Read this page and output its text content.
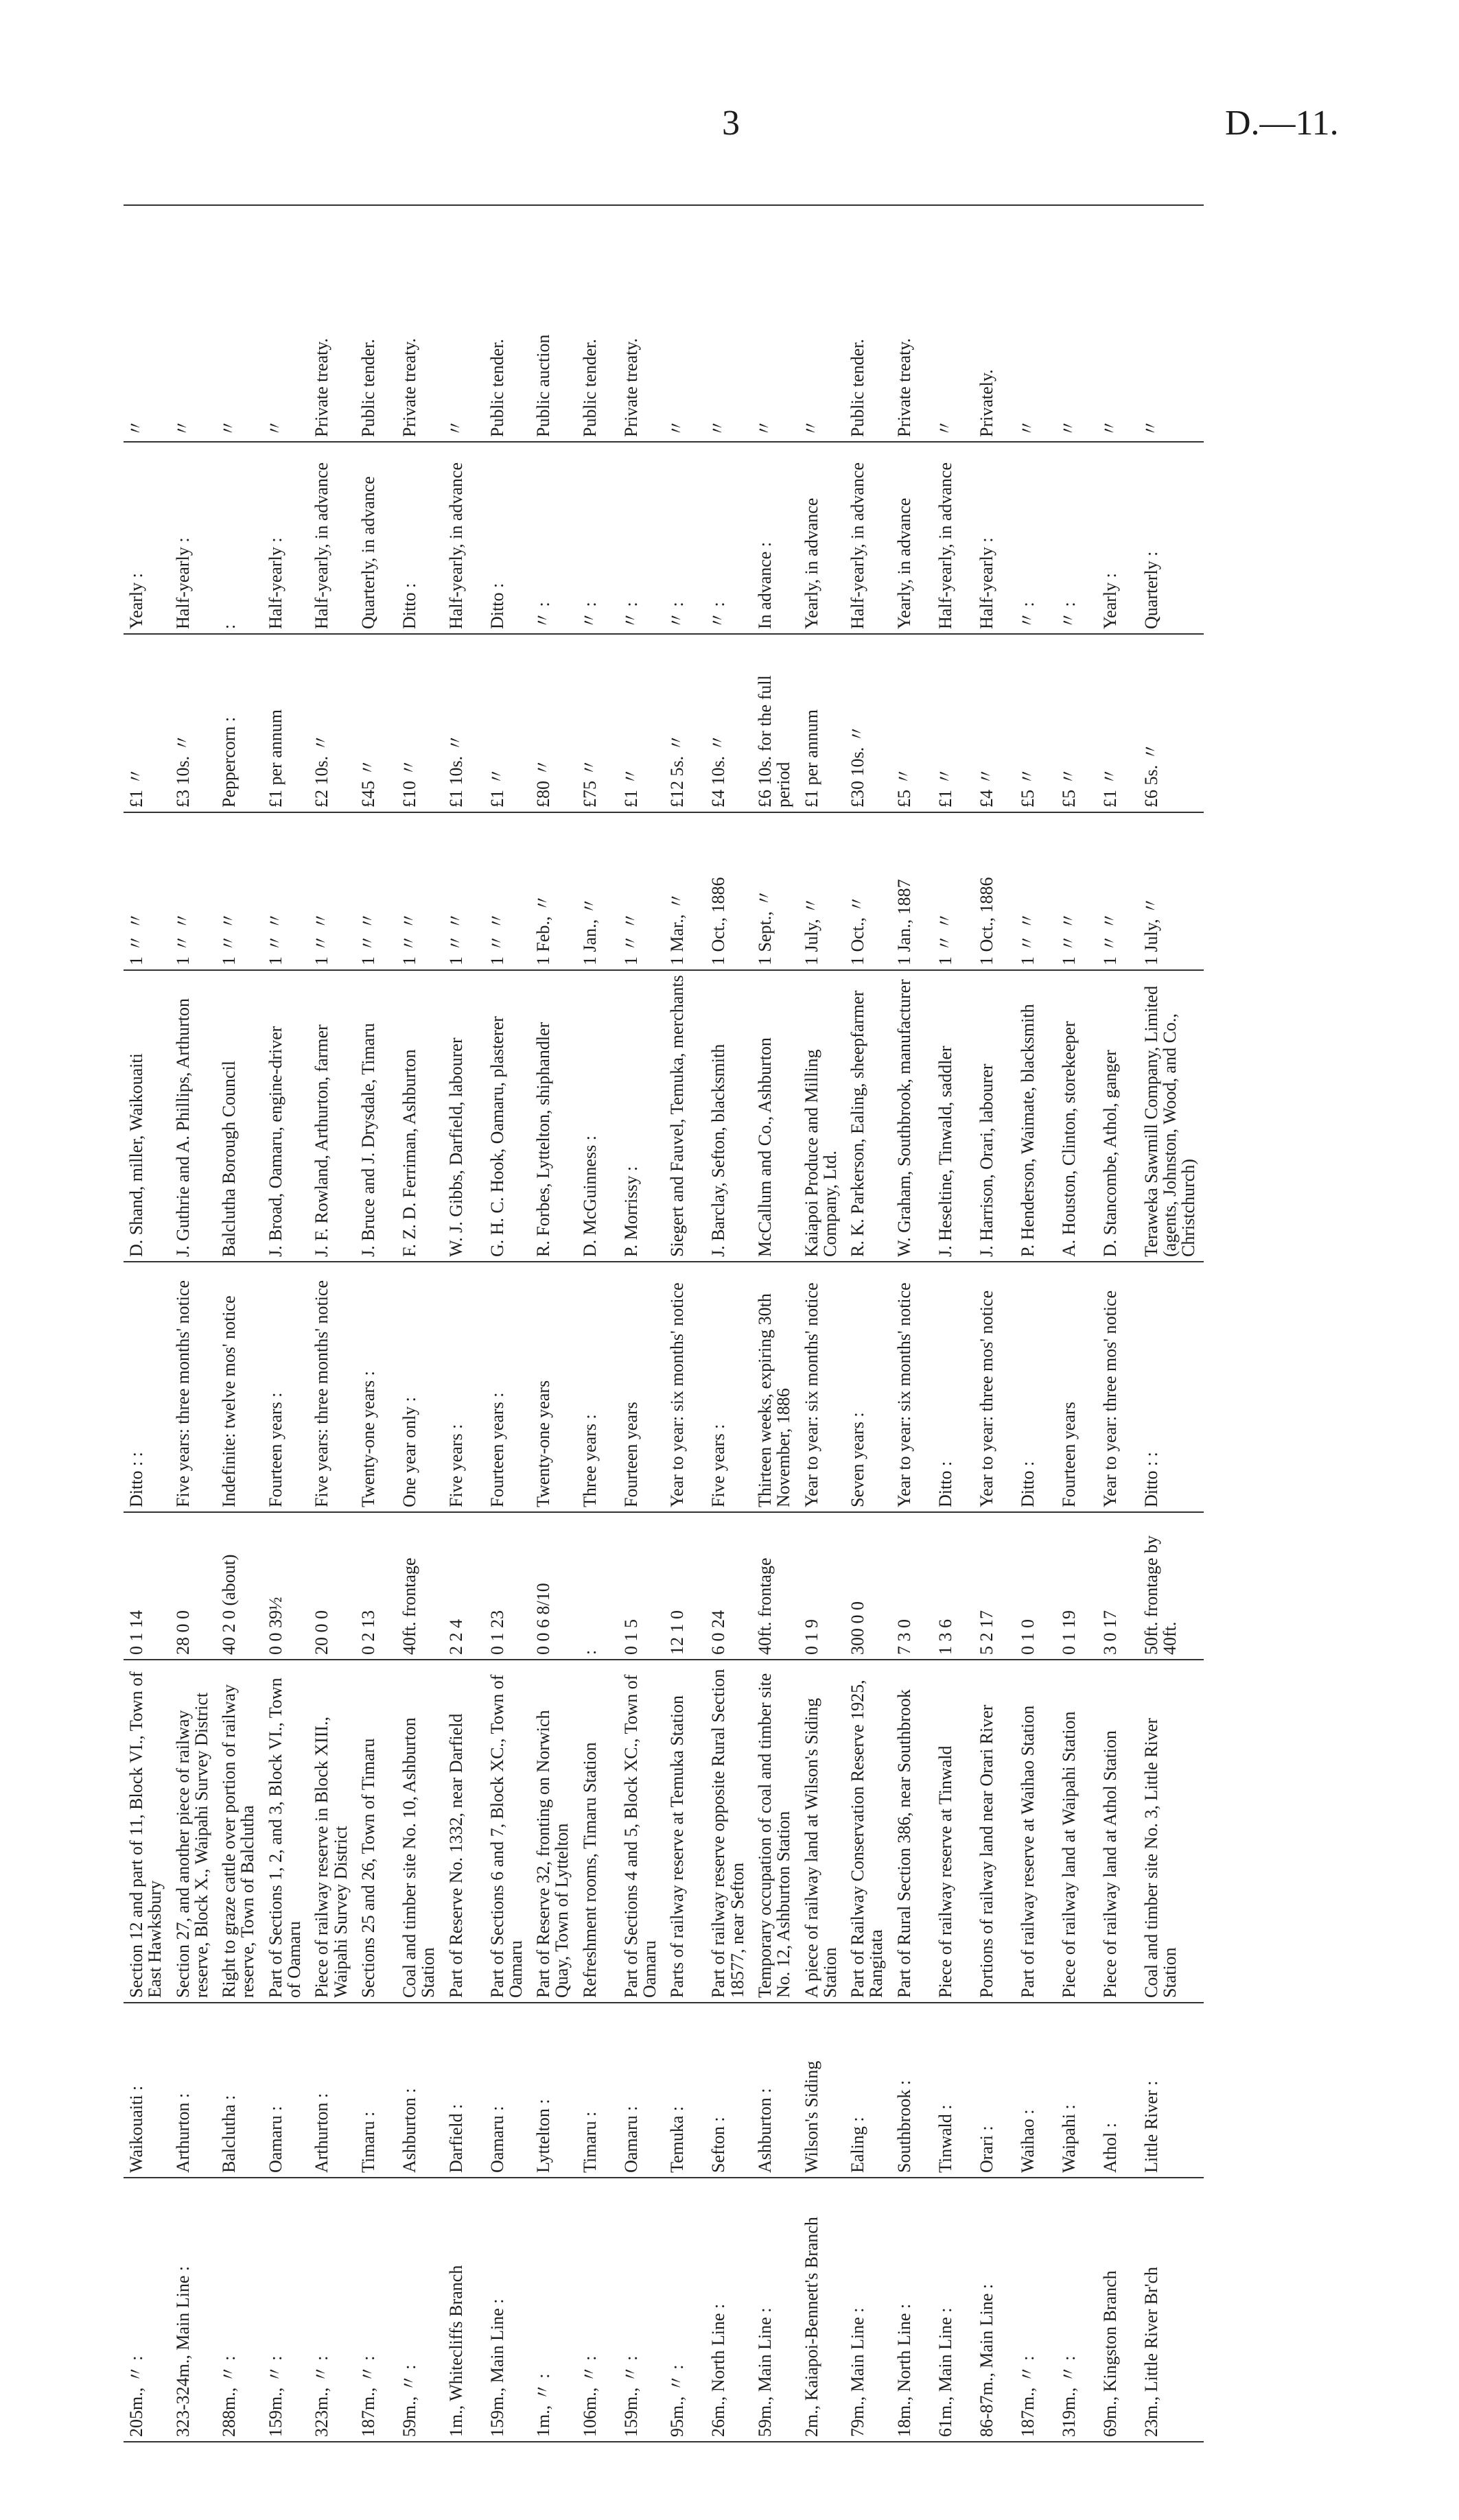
3	D.—11.
205m., 〃 :	Waikouaiti :	Section 12 and part of 11, Block VI., Town of East Hawksbury	0 1 14	Ditto : :	D. Shand, miller, Waikouaiti	1 〃 〃	£1 〃	Yearly :	〃
323-324m., Main Line :	Arthurton :	Section 27, and another piece of railway reserve, Block X., Waipahi Survey District	28 0 0	Five years: three months' notice	J. Guthrie and A. Phillips, Arthurton	1 〃 〃	£3 10s. 〃	Half-yearly :	〃
288m., 〃 :	Balclutha :	Right to graze cattle over portion of railway reserve, Town of Balclutha	40 2 0 (about)	Indefinite: twelve mos' notice	Balclutha Borough Council	1 〃 〃	Peppercorn :	:	〃
159m., 〃 :	Oamaru :	Part of Sections 1, 2, and 3, Block VI., Town of Oamaru	0 0 39½	Fourteen years :	J. Broad, Oamaru, engine-driver	1 〃 〃	£1 per annum	Half-yearly :	〃
323m., 〃 :	Arthurton :	Piece of railway reserve in Block XIII., Waipahi Survey District	20 0 0	Five years: three months' notice	J. F. Rowland, Arthurton, farmer	1 〃 〃	£2 10s. 〃	Half-yearly, in advance	Private treaty.
187m., 〃 :	Timaru :	Sections 25 and 26, Town of Timaru	0 2 13	Twenty-one years :	J. Bruce and J. Drysdale, Timaru	1 〃 〃	£45 〃	Quarterly, in advance	Public tender.
59m., 〃 :	Ashburton :	Coal and timber site No. 10, Ashburton Station	40ft. frontage	One year only :	F. Z. D. Ferriman, Ashburton	1 〃 〃	£10 〃	Ditto :	Private treaty.
1m., Whitecliffs Branch	Darfield :	Part of Reserve No. 1332, near Darfield	2 2 4	Five years :	W. J. Gibbs, Darfield, labourer	1 〃 〃	£1 10s. 〃	Half-yearly, in advance	〃
159m., Main Line :	Oamaru :	Part of Sections 6 and 7, Block XC., Town of Oamaru	0 1 23	Fourteen years :	G. H. C. Hook, Oamaru, plasterer	1 〃 〃	£1 〃	Ditto :	Public tender.
1m., 〃 :	Lyttelton :	Part of Reserve 32, fronting on Norwich Quay, Town of Lyttelton	0 0 6 8/10	Twenty-one years	R. Forbes, Lyttelton, shiphandler	1 Feb., 〃	£80 〃	〃 :	Public auction
106m., 〃 :	Timaru :	Refreshment rooms, Timaru Station	:	Three years :	D. McGuinness :	1 Jan., 〃	£75 〃	〃 :	Public tender.
159m., 〃 :	Oamaru :	Part of Sections 4 and 5, Block XC., Town of Oamaru	0 1 5	Fourteen years	P. Morrissy :	1 〃 〃	£1 〃	〃 :	Private treaty.
95m., 〃 :	Temuka :	Parts of railway reserve at Temuka Station	12 1 0	Year to year: six months' notice	Siegert and Fauvel, Temuka, merchants	1 Mar., 〃	£12 5s. 〃	〃 :	〃
26m., North Line :	Sefton :	Part of railway reserve opposite Rural Section 18577, near Sefton	6 0 24	Five years :	J. Barclay, Sefton, blacksmith	1 Oct., 1886	£4 10s. 〃	〃 :	〃
59m., Main Line :	Ashburton :	Temporary occupation of coal and timber site No. 12, Ashburton Station	40ft. frontage	Thirteen weeks, expiring 30th November, 1886	McCallum and Co., Ashburton	1 Sept., 〃	£6 10s. for the full period	In advance :	〃
2m., Kaiapoi-Bennett's Branch	Wilson's Siding	A piece of railway land at Wilson's Siding Station	0 1 9	Year to year: six months' notice	Kaiapoi Produce and Milling Company, Ltd.	1 July, 〃	£1 per annum	Yearly, in advance	〃
79m., Main Line :	Ealing :	Part of Railway Conservation Reserve 1925, Rangitata	300 0 0	Seven years :	R. K. Parkerson, Ealing, sheepfarmer	1 Oct., 〃	£30 10s. 〃	Half-yearly, in advance	Public tender.
18m., North Line :	Southbrook :	Part of Rural Section 386, near Southbrook	7 3 0	Year to year: six months' notice	W. Graham, Southbrook, manufacturer	1 Jan., 1887	£5 〃	Yearly, in advance	Private treaty.
61m., Main Line :	Tinwald :	Piece of railway reserve at Tinwald	1 3 6	Ditto :	J. Heseltine, Tinwald, saddler	1 〃 〃	£1 〃	Half-yearly, in advance	〃
86-87m., Main Line :	Orari :	Portions of railway land near Orari River	5 2 17	Year to year: three mos' notice	J. Harrison, Orari, labourer	1 Oct., 1886	£4 〃	Half-yearly :	Privately.
187m., 〃 :	Waihao :	Part of railway reserve at Waihao Station	0 1 0	Ditto :	P. Henderson, Waimate, blacksmith	1 〃 〃	£5 〃	〃 :	〃
319m., 〃 :	Waipahi :	Piece of railway land at Waipahi Station	0 1 19	Fourteen years	A. Houston, Clinton, storekeeper	1 〃 〃	£5 〃	〃 :	〃
69m., Kingston Branch	Athol :	Piece of railway land at Athol Station	3 0 17	Year to year: three mos' notice	D. Stancombe, Athol, ganger	1 〃 〃	£1 〃	Yearly :	〃
23m., Little River Br'ch	Little River :	Coal and timber site No. 3, Little River Station	50ft. frontage by 40ft.	Ditto : :	Teraweka Sawmill Company, Limited (agents, Johnston, Wood, and Co., Christchurch)	1 July, 〃	£6 5s. 〃	Quarterly :	〃
